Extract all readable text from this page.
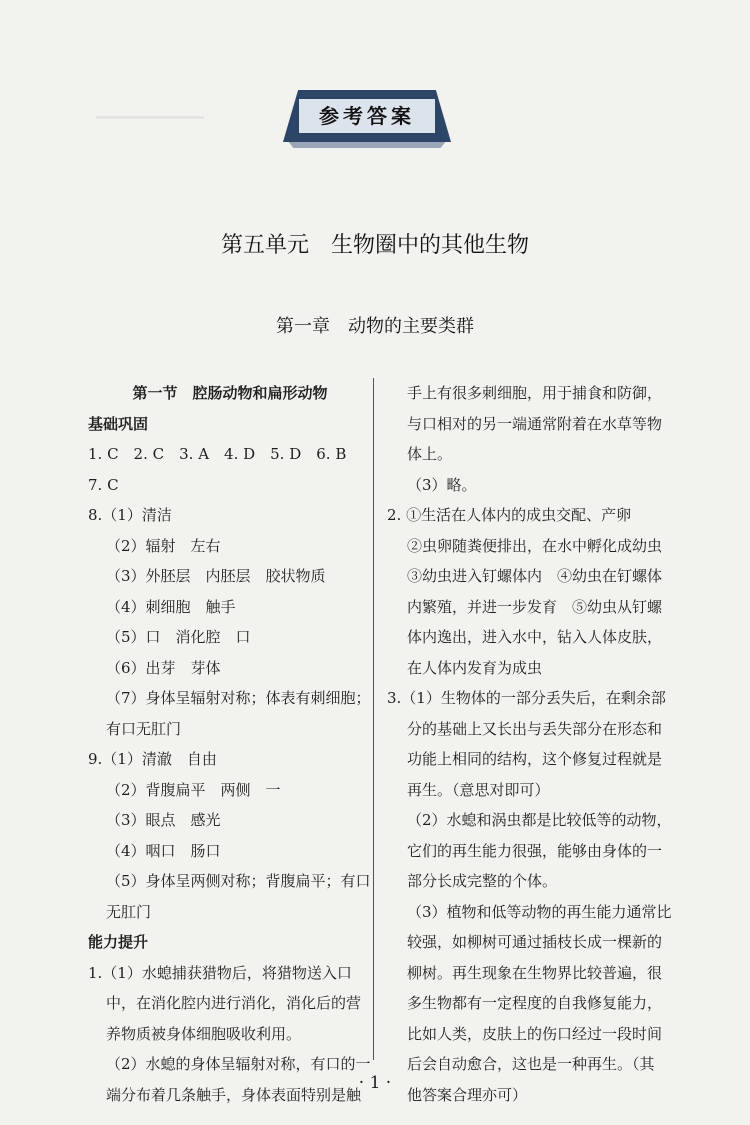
▁▁▁▁▁▁▁▁▁▁	参考答案
第五单元　生物圈中的其他生物
第一章　动物的主要类群
第一节　腔肠动物和扁形动物
基础巩固
1. C　2. C　3. A　4. D　5. D　6. B
7. C
8.（1）清洁
（2）辐射　左右
（3）外胚层　内胚层　胶状物质
（4）刺细胞　触手
（5）口　消化腔　口
（6）出芽　芽体
（7）身体呈辐射对称；体表有刺细胞；
有口无肛门
9.（1）清澈　自由
（2）背腹扁平　两侧　一
（3）眼点　感光
（4）咽口　肠口
（5）身体呈两侧对称；背腹扁平；有口
无肛门
能力提升
1.（1）水螅捕获猎物后，将猎物送入口
中，在消化腔内进行消化，消化后的营
养物质被身体细胞吸收利用。
（2）水螅的身体呈辐射对称，有口的一
端分布着几条触手，身体表面特别是触
手上有很多刺细胞，用于捕食和防御，
与口相对的另一端通常附着在水草等物
体上。
（3）略。
2. ①生活在人体内的成虫交配、产卵
②虫卵随粪便排出，在水中孵化成幼虫
③幼虫进入钉螺体内　④幼虫在钉螺体
内繁殖，并进一步发育　⑤幼虫从钉螺
体内逸出，进入水中，钻入人体皮肤，
在人体内发育为成虫
3.（1）生物体的一部分丢失后，在剩余部
分的基础上又长出与丢失部分在形态和
功能上相同的结构，这个修复过程就是
再生。（意思对即可）
（2）水螅和涡虫都是比较低等的动物，
它们的再生能力很强，能够由身体的一
部分长成完整的个体。
（3）植物和低等动物的再生能力通常比
较强，如柳树可通过插枝长成一棵新的
柳树。再生现象在生物界比较普遍，很
多生物都有一定程度的自我修复能力，
比如人类，皮肤上的伤口经过一段时间
后会自动愈合，这也是一种再生。（其
他答案合理亦可）
· 1 ·
